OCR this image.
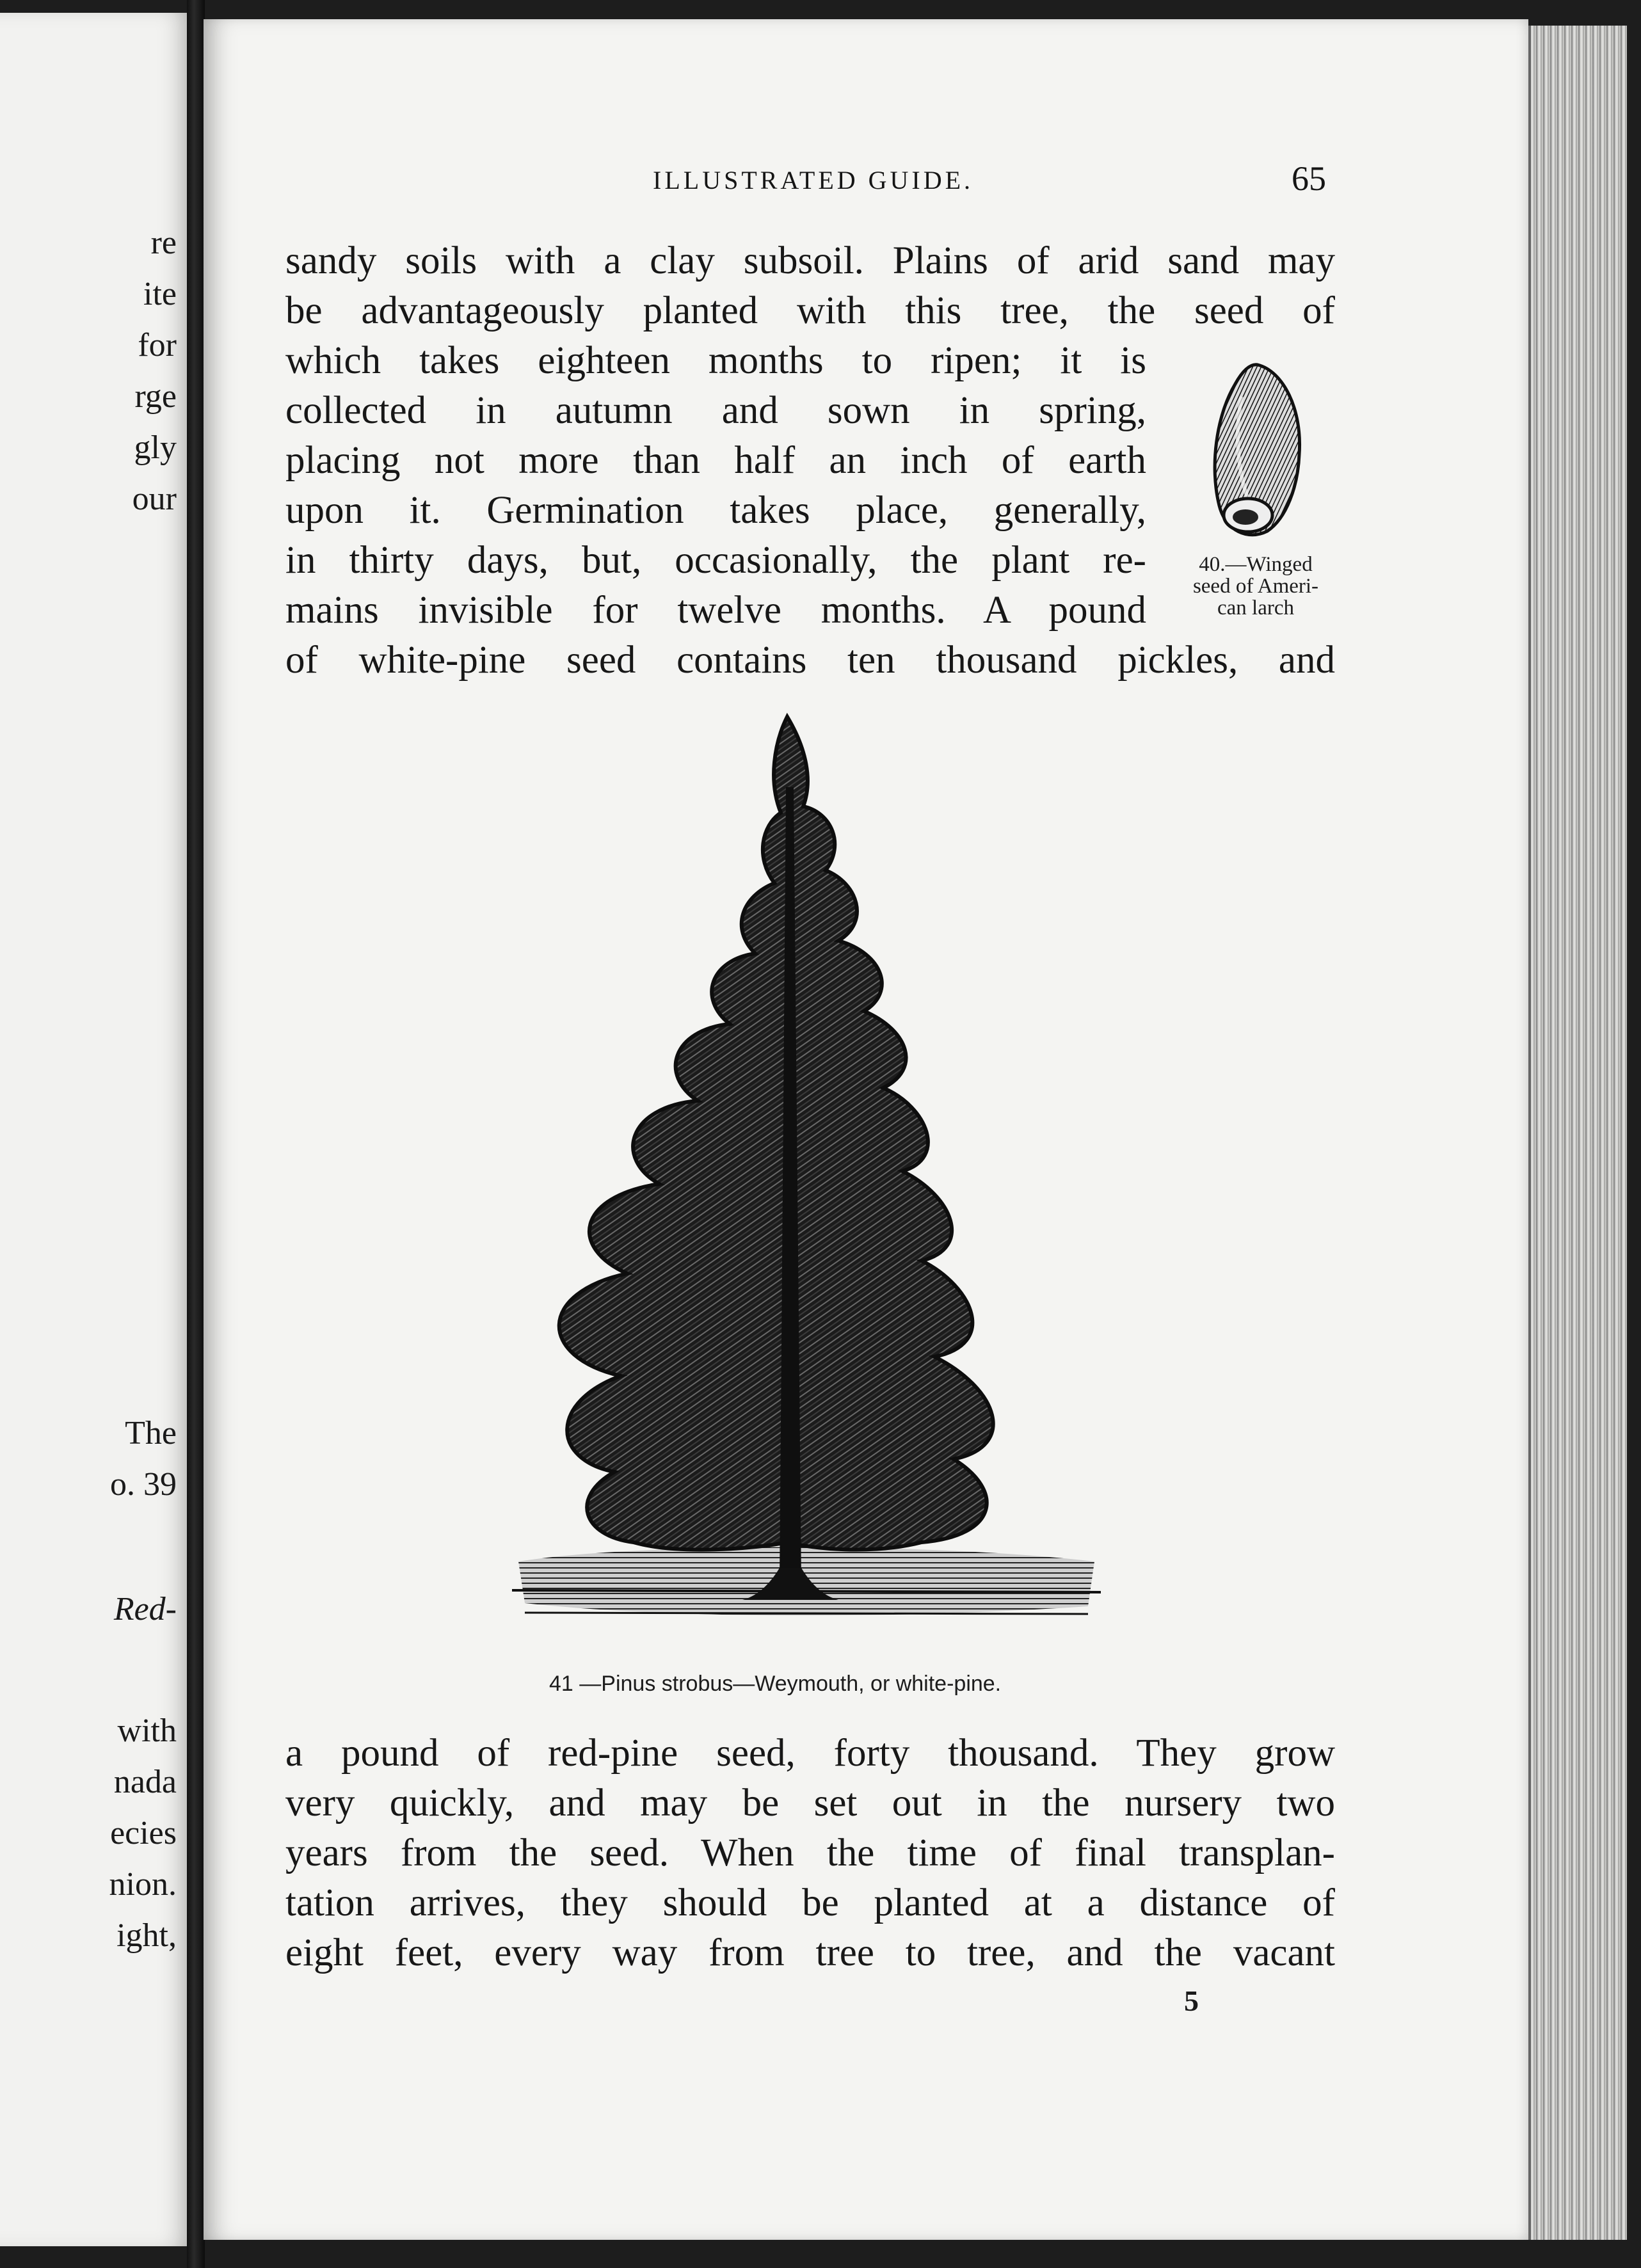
re
ite
for
rge
gly
our
The
o. 39
Red-
with
nada
ecies
nion.
ight,
ILLUSTRATED GUIDE.	65
sandy soils with a clay subsoil. Plains of arid sand may
be advantageously planted with this tree, the seed of
which takes eighteen months to ripen; it is
collected in autumn and sown in spring,
placing not more than half an inch of earth
upon it. Germination takes place, generally,
in thirty days, but, occasionally, the plant re-
mains invisible for twelve months. A pound
of white-pine seed contains ten thousand pickles, and
40.—Winged
seed of Ameri-
can larch
41 —Pinus strobus—Weymouth, or white-pine.
a pound of red-pine seed, forty thousand. They grow
very quickly, and may be set out in the nursery two
years from the seed. When the time of final transplan-
tation arrives, they should be planted at a distance of
eight feet, every way from tree to tree, and the vacant
5
